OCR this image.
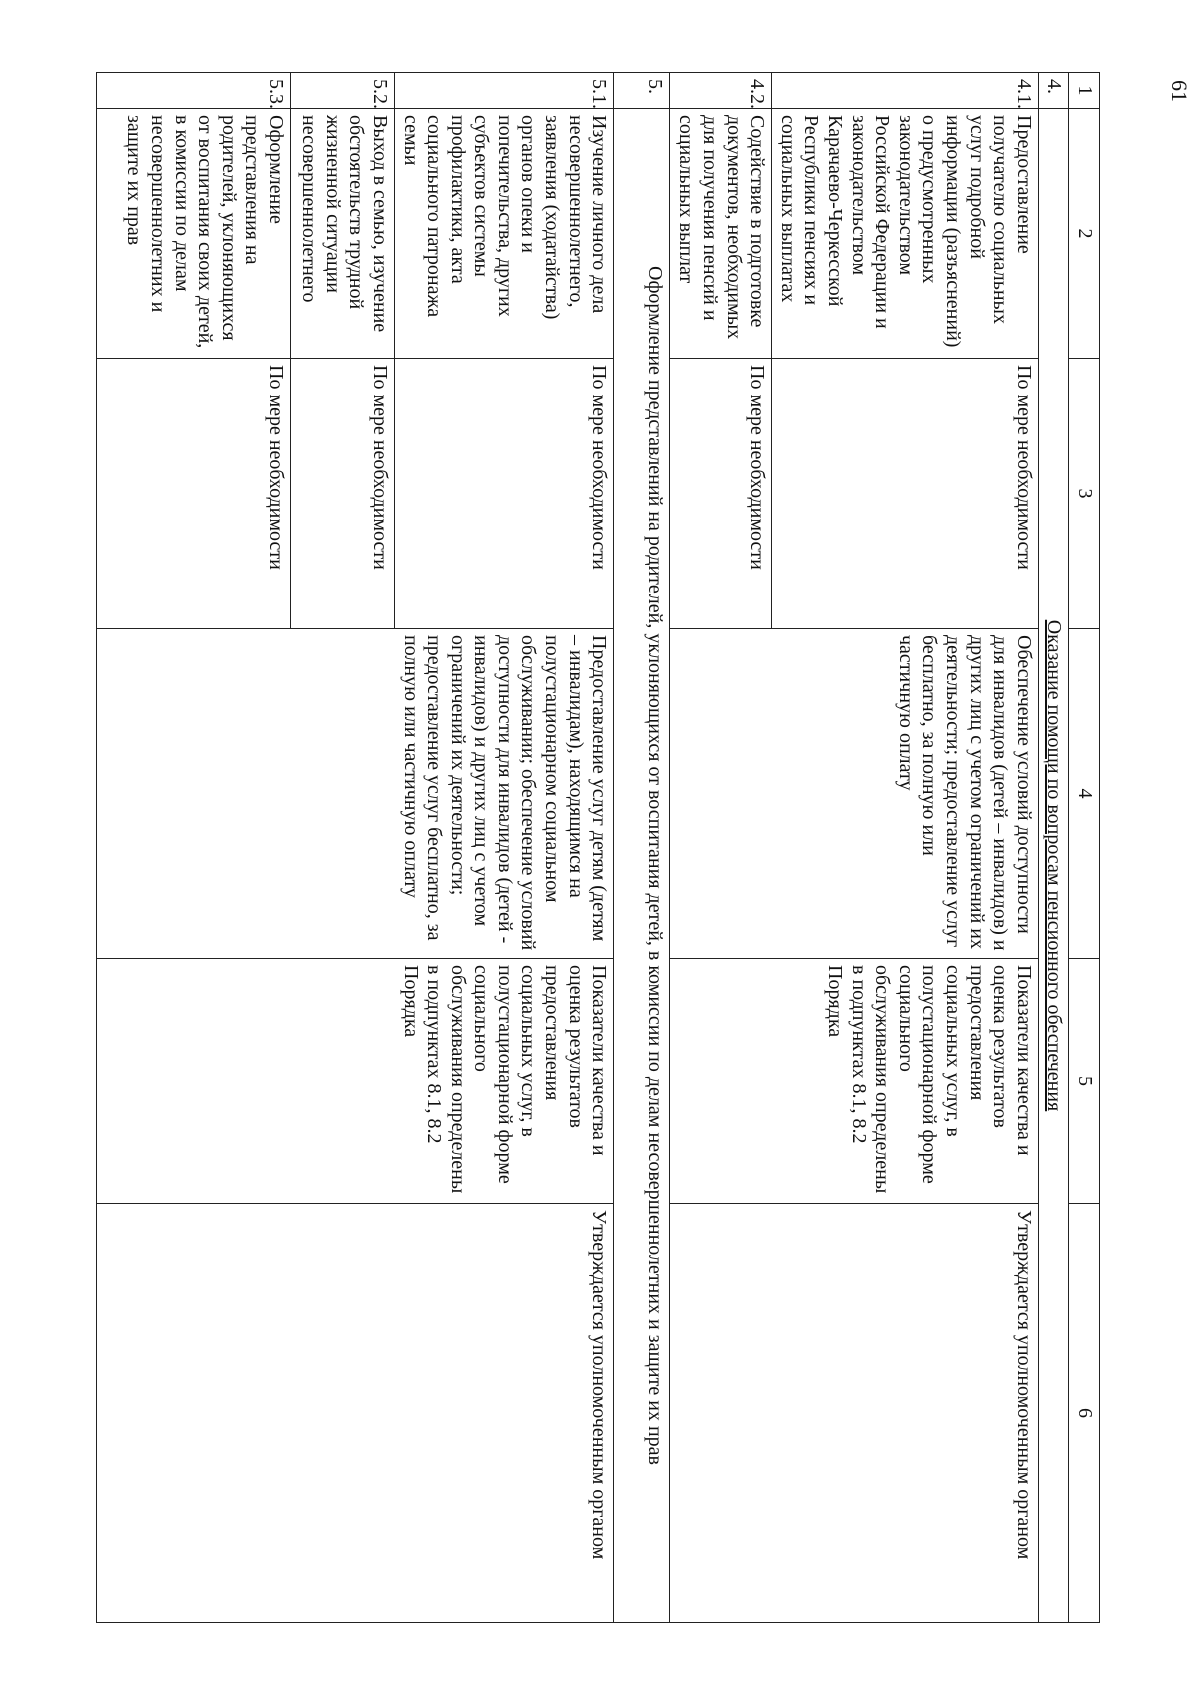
61
1	2	3	4	5	6
4.	Оказание помощи по вопросам пенсионного обеспечения				
4.1.	Предоставление получателю социальных услуг подробной информации (разъяснений) о предусмотренных законодательством Российской Федерации и законодательством Карачаево-Черкесской Республики пенсиях и социальных выплатах	По мере необходимости	Обеспечение условий доступности для инвалидов (детей – инвалидов) и других лиц с учетом ограничений их деятельности; предоставление услуг бесплатно, за полную или частичную оплату	Показатели качества и оценка результатов предоставления социальных услуг, в полустационарной форме социального обслуживания определены в подпунктах 8.1, 8.2 Порядка	Утверждается уполномоченным органом
4.2.	Содействие в подготовке документов, необходимых для получения пенсий и социальных выплат	По мере необходимости			
5.	Оформление представлений на родителей, уклоняющихся от воспитания детей, в комиссии по делам несовершеннолетних и защите их прав				
5.1.	Изучение личного дела несовершеннолетнего, заявления (ходатайства) органов опеки и попечительства, других субъектов системы профилактики, акта социального патронажа семьи	По мере необходимости	Предоставление услуг детям (детям – инвалидам), находящимся на полустационарном социальном обслуживании; обеспечение условий доступности для инвалидов (детей - инвалидов) и других лиц с учетом ограничений их деятельности; предоставление услуг бесплатно, за полную или частичную оплату	Показатели качества и оценка результатов предоставления социальных услуг, в полустационарной форме социального обслуживания определены в подпунктах 8.1, 8.2 Порядка	Утверждается уполномоченным органом
5.2.	Выход в семью, изучение обстоятельств трудной жизненной ситуации несовершеннолетнего	По мере необходимости			
5.3.	Оформление представления на родителей, уклоняющихся от воспитания своих детей, в комиссии по делам несовершеннолетних и защите их прав	По мере необходимости			
